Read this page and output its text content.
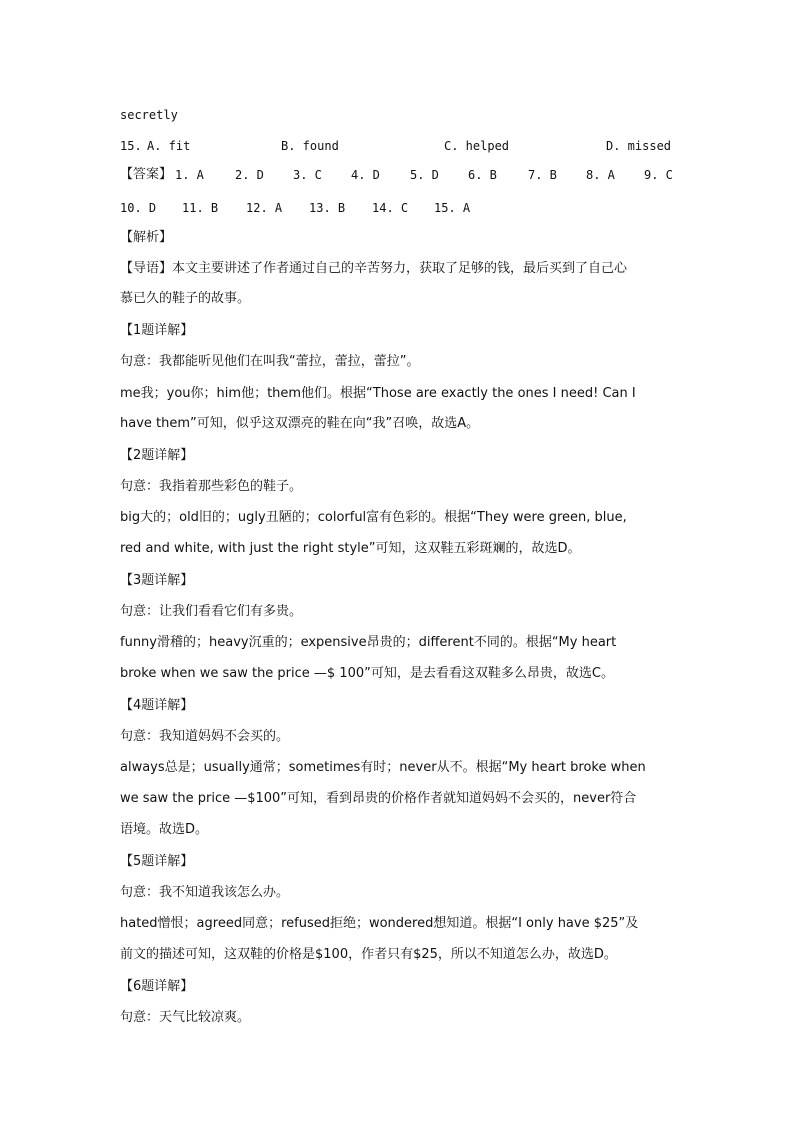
secretly
15. A. fit	B. found	C. helped	D. missed
【答案】 1. A	2. D 3. C 4. D	5. D 6. B	7. B 8. A 9. C
10. D 11. B 12. A 13. B 14. C 15. A
【解析】
【导语】本文主要讲述了作者通过自己的辛苦努力，获取了足够的钱，最后买到了自己心
慕已久的鞋子的故事。
【1题详解】
句意：我都能听见他们在叫我“蕾拉，蕾拉，蕾拉”。
me我；you你；him他；them他们。根据“Those are exactly the ones I need! Can I
have them”可知，似乎这双漂亮的鞋在向“我”召唤，故选A。
【2题详解】
句意：我指着那些彩色的鞋子。
big大的；old旧的；ugly丑陋的；colorful富有色彩的。根据“They were green, blue,
red and white, with just the right style”可知，这双鞋五彩斑斓的，故选D。
【3题详解】
句意：让我们看看它们有多贵。
funny滑稽的；heavy沉重的；expensive昂贵的；different不同的。根据“My heart
broke when we saw the price —$ 100”可知，是去看看这双鞋多么昂贵，故选C。
【4题详解】
句意：我知道妈妈不会买的。
always总是；usually通常；sometimes有时；never从不。根据“My heart broke when
we saw the price —$100”可知，看到昂贵的价格作者就知道妈妈不会买的，never符合
语境。故选D。
【5题详解】
句意：我不知道我该怎么办。
hated憎恨；agreed同意；refused拒绝；wondered想知道。根据“I only have $25”及
前文的描述可知，这双鞋的价格是$100，作者只有$25，所以不知道怎么办，故选D。
【6题详解】
句意：天气比较凉爽。
